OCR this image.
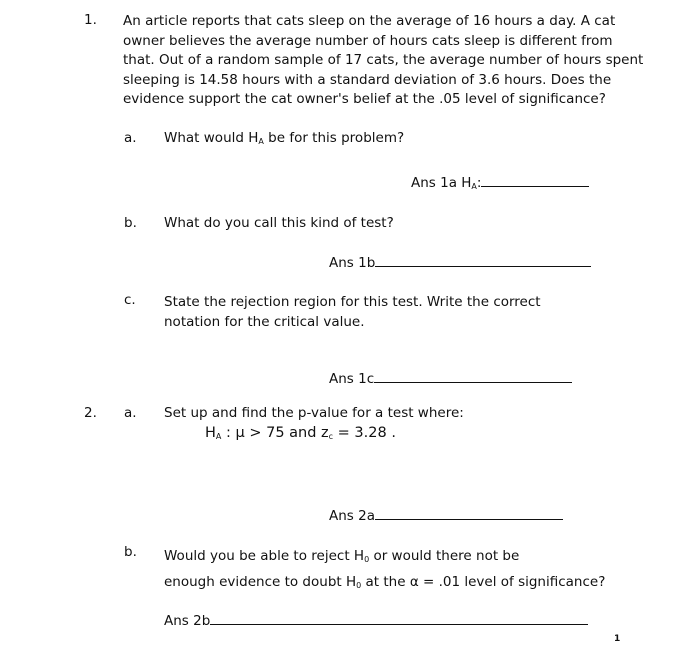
1. An article reports that cats sleep on the average of 16 hours a day. A cat
owner believes the average number of hours cats sleep is different from
that. Out of a random sample of 17 cats, the average number of hours spent
sleeping is 14.58 hours with a standard deviation of 3.6 hours. Does the
evidence support the cat owner's belief at the .05 level of significance?
a. What would $H_A$ be for this problem?
Ans 1a $H_A$:
b. What do you call this kind of test?
Ans 1b
c. State the rejection region for this test. Write the correct
notation for the critical value.
Ans 1c
2. a. Set up and find the p-value for a test where:
$H_A$ : μ > 75 and $z_c = 3.28$ .
Ans 2a
b. Would you be able to reject $H_0$ or would there not be
enough evidence to doubt $H_0$ at the α = .01 level of significance?
Ans 2b
1
